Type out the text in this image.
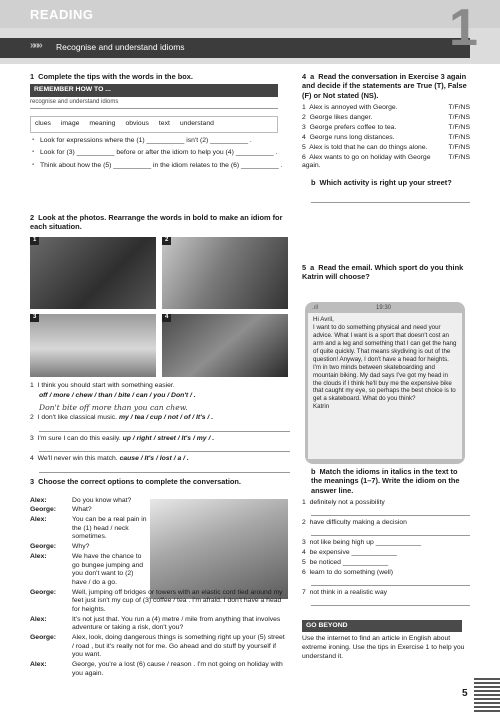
READING
»»» Recognise and understand idioms	1
1 Complete the tips with the words in the box.
REMEMBER HOW TO ...
recognise and understand idioms
clues image meaning obvious text understand
▪ Look for expressions where the (1) __________ isn't (2) __________ .
▪ Look for (3) __________ before or after the idiom to help you (4) __________ .
▪ Think about how the (5) __________ in the idiom relates to the (6) __________ .
2 Look at the photos. Rearrange the words in bold to make an idiom for each situation.
1	2
3	4
1 I think you should start with something easier.
off / more / chew / than / bite / can / you / Don't / .
Don't bite off more than you can chew.
2 I don't like classical music. my / tea / cup / not / of / It's / .
3 I'm sure I can do this easily. up / right / street / It's / my / .
4 We'll never win this match. cause / It's / lost / a / .
3 Choose the correct options to complete the conversation.
Alex:	Do you know what?
George:	What?
Alex:	You can be a real pain in the (1) head / neck sometimes.
George:	Why?
Alex:	We have the chance to go bungee jumping and you don't want to (2) have / do a go.
George:	Well, jumping off bridges or towers with an elastic cord tied around my feet just isn't my cup of (3) coffee / tea . I'm afraid. I don't have a head for heights.
Alex:	It's not just that. You run a (4) metre / mile from anything that involves adventure or taking a risk, don't you?
George:	Alex, look, doing dangerous things is something right up your (5) street / road , but it's really not for me. Go ahead and do stuff by yourself if you want.
Alex:	George, you're a lost (6) cause / reason . I'm not going on holiday with you again.
4 a Read the conversation in Exercise 3 again and decide if the statements are True (T), False (F) or Not stated (NS).
1 Alex is annoyed with George.	T/F/NS
2 George likes danger.	T/F/NS
3 George prefers coffee to tea.	T/F/NS
4 George runs long distances.	T/F/NS
5 Alex is told that he can do things alone.	T/F/NS
6 Alex wants to go on holiday with George again.
T/F/NS
b Which activity is right up your street?
5 a Read the email. Which sport do you think Katrin will choose?
.ıll	19:30
Hi Avril,
I want to do something physical and need your advice. What I want is a sport that doesn't cost an arm and a leg and something that I can get the hang of quite quickly. That means skydiving is out of the question! Anyway, I don't have a head for heights. I'm in two minds between skateboarding and mountain biking. My dad says I've got my head in the clouds if I think he'll buy me the expensive bike that caught my eye, so perhaps the best choice is to get a skateboard. What do you think?
Katrin
b Match the idioms in italics in the text to the meanings (1–7). Write the idiom on the answer line.
1 definitely not a possibility
2 have difficulty making a decision
3 not like being high up ____________
4 be expensive ____________
5 be noticed ____________
6 learn to do something (well)
7 not think in a realistic way
GO BEYOND
Use the internet to find an article in English about extreme ironing. Use the tips in Exercise 1 to help you understand it.
5
